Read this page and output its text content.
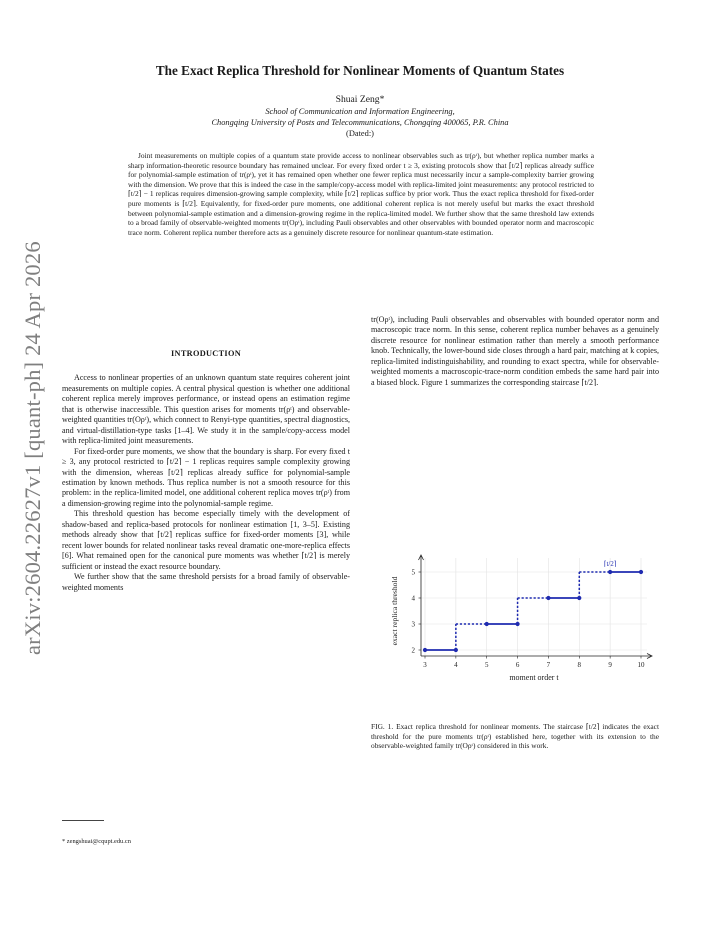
arXiv:2604.22627v1 [quant-ph] 24 Apr 2026
The Exact Replica Threshold for Nonlinear Moments of Quantum States
Shuai Zeng*
School of Communication and Information Engineering,
Chongqing University of Posts and Telecommunications, Chongqing 400065, P.R. China
(Dated:)
Joint measurements on multiple copies of a quantum state provide access to nonlinear observables such as tr(ρᵗ), but whether replica number marks a sharp information-theoretic resource boundary has remained unclear. For every fixed order t ≥ 3, existing protocols show that ⌈t/2⌉ replicas already suffice for polynomial-sample estimation of tr(ρᵗ), yet it has remained open whether one fewer replica must necessarily incur a sample-complexity barrier growing with the dimension. We prove that this is indeed the case in the sample/copy-access model with replica-limited joint measurements: any protocol restricted to ⌈t/2⌉ − 1 replicas requires dimension-growing sample complexity, while ⌈t/2⌉ replicas suffice by prior work. Thus the exact replica threshold for fixed-order pure moments is ⌈t/2⌉. Equivalently, for fixed-order pure moments, one additional coherent replica is not merely useful but marks the exact threshold between polynomial-sample estimation and a dimension-growing regime in the replica-limited model. We further show that the same threshold law extends to a broad family of observable-weighted moments tr(Oρᵗ), including Pauli observables and other observables with bounded operator norm and macroscopic trace norm. Coherent replica number therefore acts as a genuinely discrete resource for nonlinear quantum-state estimation.
INTRODUCTION

Access to nonlinear properties of an unknown quantum state requires coherent joint measurements on multiple copies. A central physical question is whether one additional coherent replica merely improves performance, or instead opens an estimation regime that is otherwise inaccessible. This question arises for moments tr(ρᵗ) and observable-weighted quantities tr(Oρᵗ), which connect to Renyi-type quantities, spectral diagnostics, and virtual-distillation-type tasks [1–4]. We study it in the sample/copy-access model with replica-limited joint measurements.

For fixed-order pure moments, we show that the boundary is sharp. For every fixed t ≥ 3, any protocol restricted to ⌈t/2⌉ − 1 replicas requires sample complexity growing with the dimension, whereas ⌈t/2⌉ replicas already suffice for polynomial-sample estimation by known methods. Thus replica number is not a smooth resource for this problem: in the replica-limited model, one additional coherent replica moves tr(ρᵗ) from a dimension-growing regime into the polynomial-sample regime.

This threshold question has become especially timely with the development of shadow-based and replica-based protocols for nonlinear estimation [1, 3–5]. Existing methods already show that ⌈t/2⌉ replicas suffice for fixed-order moments [3], while recent lower bounds for related nonlinear tasks reveal dramatic one-more-replica effects [6]. What remained open for the canonical pure moments was whether ⌈t/2⌉ is merely sufficient or instead the exact resource boundary.

We further show that the same threshold persists for a broad family of observable-weighted moments

tr(Oρᵗ), including Pauli observables and observables with bounded operator norm and macroscopic trace norm. In this sense, coherent replica number behaves as a genuinely discrete resource for nonlinear estimation rather than merely a smooth performance knob. Technically, the lower-bound side closes through a hard pair, matching at k copies, replica-limited indistinguishability, and rounding to exact spectra, while for observable-weighted moments a macroscopic-trace-norm condition embeds the same hard pair into a biased block. Figure 1 summarizes the corresponding staircase ⌈t/2⌉.

3	4	5	6	7	8	9	10
2
3
4
5
moment order t
exact replica threshold
⌈t/2⌉
FIG. 1. Exact replica threshold for nonlinear moments. The staircase ⌈t/2⌉ indicates the exact threshold for the pure moments tr(ρᵗ) established here, together with its extension to the observable-weighted family tr(Oρᵗ) considered in this work.
* zengshuai@cqupt.edu.cn
